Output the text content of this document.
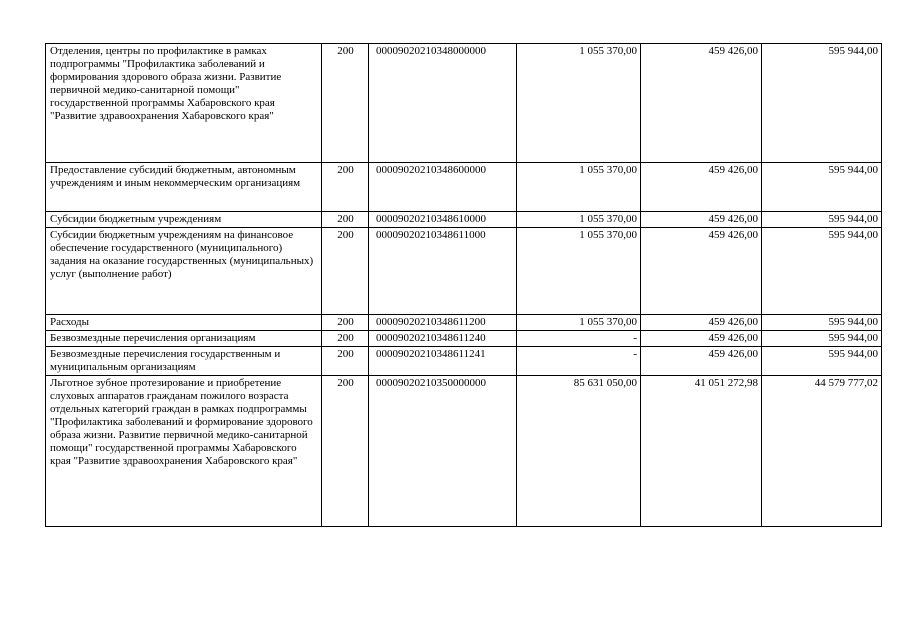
Отделения, центры по профилактике в рамках подпрограммы "Профилактика заболеваний и формирования здорового образа жизни. Развитие первичной медико-санитарной помощи" государственной программы Хабаровского края "Развитие здравоохранения Хабаровского края"	200	00009020210348000000	1 055 370,00	459 426,00	595 944,00
Предоставление субсидий бюджетным, автономным учреждениям и иным некоммерческим организациям	200	00009020210348600000	1 055 370,00	459 426,00	595 944,00
Субсидии бюджетным учреждениям	200	00009020210348610000	1 055 370,00	459 426,00	595 944,00
Субсидии бюджетным учреждениям на финансовое обеспечение государственного (муниципального) задания на оказание государственных (муниципальных) услуг (выполнение работ)	200	00009020210348611000	1 055 370,00	459 426,00	595 944,00
Расходы	200	00009020210348611200	1 055 370,00	459 426,00	595 944,00
Безвозмездные перечисления организациям	200	00009020210348611240	-	459 426,00	595 944,00
Безвозмездные перечисления государственным и муниципальным организациям	200	00009020210348611241	-	459 426,00	595 944,00
Льготное зубное протезирование и приобретение слуховых аппаратов гражданам пожилого возраста отдельных категорий граждан в рамках подпрограммы "Профилактика заболеваний и формирование здорового образа жизни. Развитие первичной медико-санитарной помощи" государственной программы Хабаровского края "Развитие здравоохранения Хабаровского края"	200	00009020210350000000	85 631 050,00	41 051 272,98	44 579 777,02
